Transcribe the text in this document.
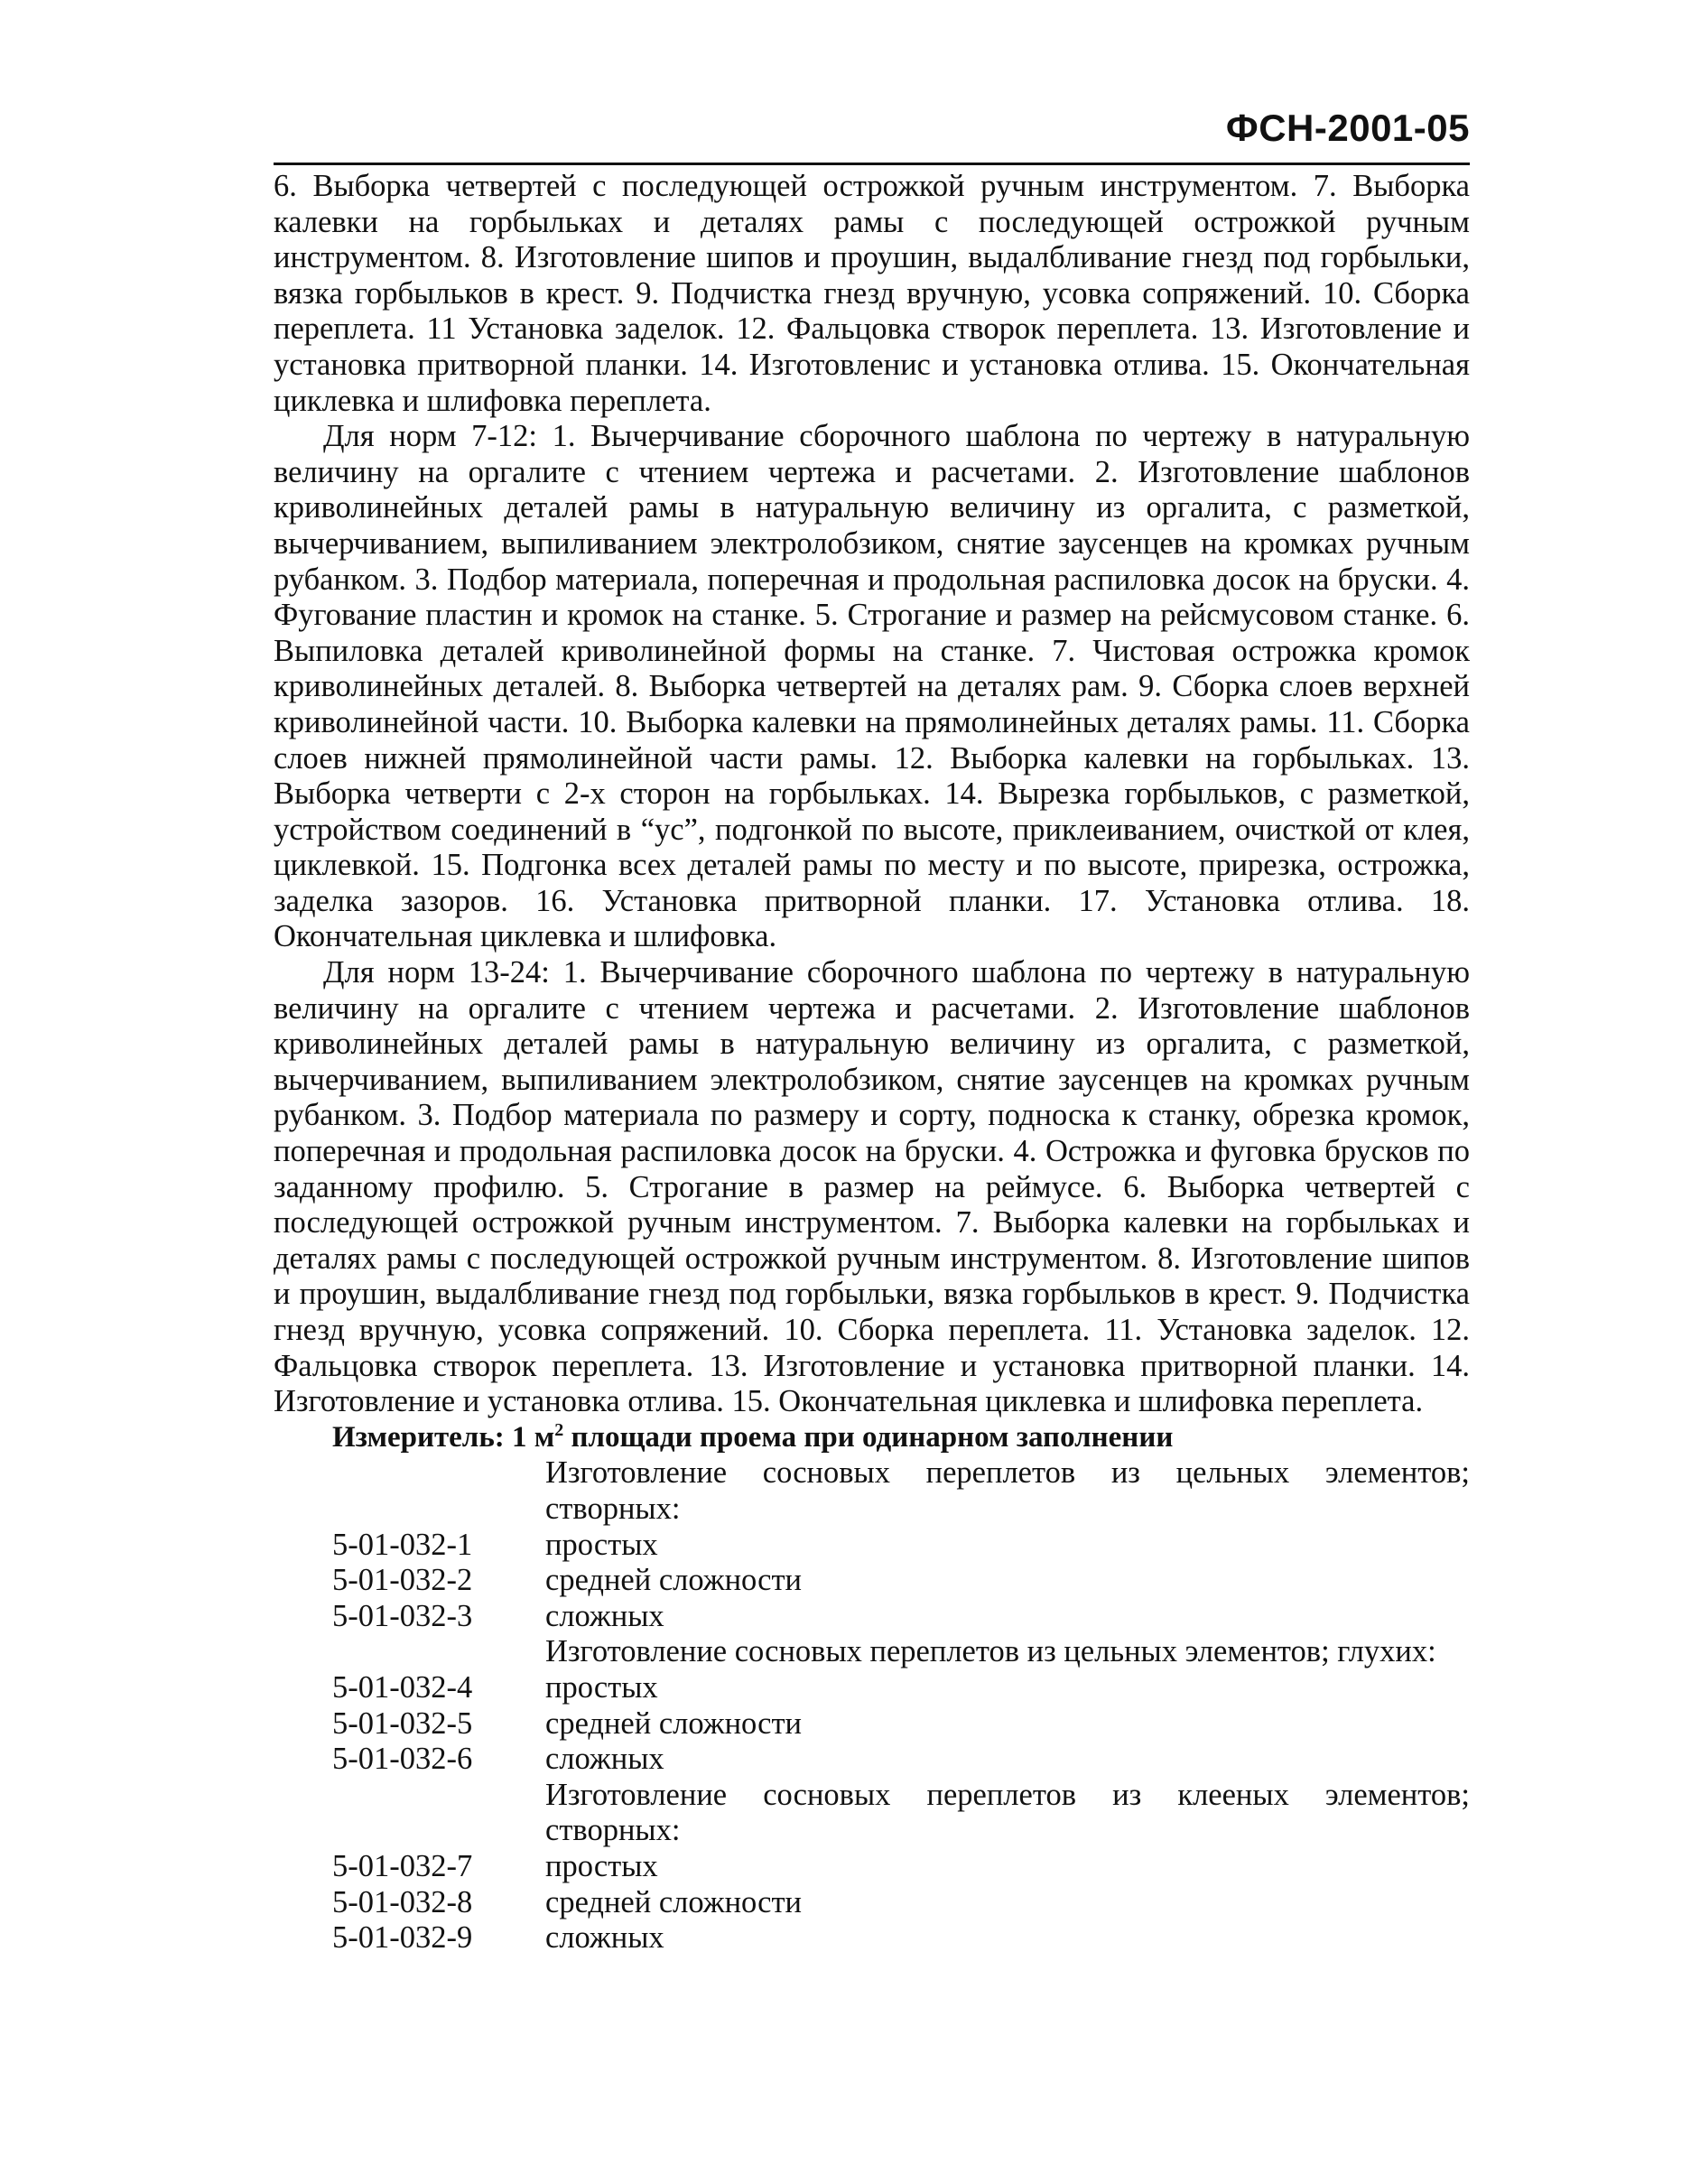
ФСН-2001-05

6. Выборка четвертей с последующей острожкой ручным инструментом. 7. Выборка калевки на горбыльках и деталях рамы с последующей острожкой ручным инструментом. 8. Изготовление шипов и проушин, выдалбливание гнезд под горбыльки, вязка горбыльков в крест. 9. Подчистка гнезд вручную, усовка сопряжений. 10. Сборка переплета. 11 Установка заделок. 12. Фальцовка створок переплета. 13. Изготовление и установка притворной планки. 14. Изготовленис и установка отлива. 15. Окончательная циклевка и шлифовка переплета.

Для норм 7-12: 1. Вычерчивание сборочного шаблона по чертежу в натуральную величину на оргалите с чтением чертежа и расчетами. 2. Изготовление шаблонов криволинейных деталей рамы в натуральную величину из оргалита, с разметкой, вычерчиванием, выпиливанием электролобзиком, снятие заусенцев на кромках ручным рубанком. 3. Подбор материала, поперечная и продольная распиловка досок на бруски. 4. Фугование пластин и кромок на станке. 5. Строгание и размер на рейсмусовом станке. 6. Выпиловка деталей криволинейной формы на станке. 7. Чистовая острожка кромок криволинейных деталей. 8. Выборка четвертей на деталях рам. 9. Сборка слоев верхней криволинейной части. 10. Выборка калевки на прямолинейных деталях рамы. 11. Сборка слоев нижней прямолинейной части рамы. 12. Выборка калевки на горбыльках. 13. Выборка четверти с 2-х сторон на горбыльках. 14. Вырезка горбыльков, с разметкой, устройством соединений в “ус”, подгонкой по высоте, приклеиванием, очисткой от клея, циклевкой. 15. Подгонка всех деталей рамы по месту и по высоте, прирезка, острожка, заделка зазоров. 16. Установка притворной планки. 17. Установка отлива. 18. Окончательная циклевка и шлифовка.

Для норм 13-24: 1. Вычерчивание сборочного шаблона по чертежу в натуральную величину на оргалите с чтением чертежа и расчетами. 2. Изготовление шаблонов криволинейных деталей рамы в натуральную величину из оргалита, с разметкой, вычерчиванием, выпиливанием электролобзиком, снятие заусенцев на кромках ручным рубанком. 3. Подбор материала по размеру и сорту, подноска к станку, обрезка кромок, поперечная и продольная распиловка досок на бруски. 4. Острожка и фуговка брусков по заданному профилю. 5. Строгание в размер на реймусе. 6. Выборка четвертей с последующей острожкой ручным инструментом. 7. Выборка калевки на горбыльках и деталях рамы с последующей острожкой ручным инструментом. 8. Изготовление шипов и проушин, выдалбливание гнезд под горбыльки, вязка горбыльков в крест. 9. Подчистка гнезд вручную, усовка сопряжений. 10. Сборка переплета. 11. Установка заделок. 12. Фальцовка створок переплета. 13. Изготовление и установка притворной планки. 14. Изготовление и установка отлива. 15. Окончательная циклевка и шлифовка переплета.

Измеритель: 1 $м^2$ площади проема при одинарном заполнении

	Изготовление сосновых переплетов из цельных элементов; створных:
5-01-032-1	простых
5-01-032-2	средней сложности
5-01-032-3	сложных
	Изготовление сосновых переплетов из цельных элементов; глухих:
5-01-032-4	простых
5-01-032-5	средней сложности
5-01-032-6	сложных
	Изготовление сосновых переплетов из клееных элементов; створных:
5-01-032-7	простых
5-01-032-8	средней сложности
5-01-032-9	сложных
